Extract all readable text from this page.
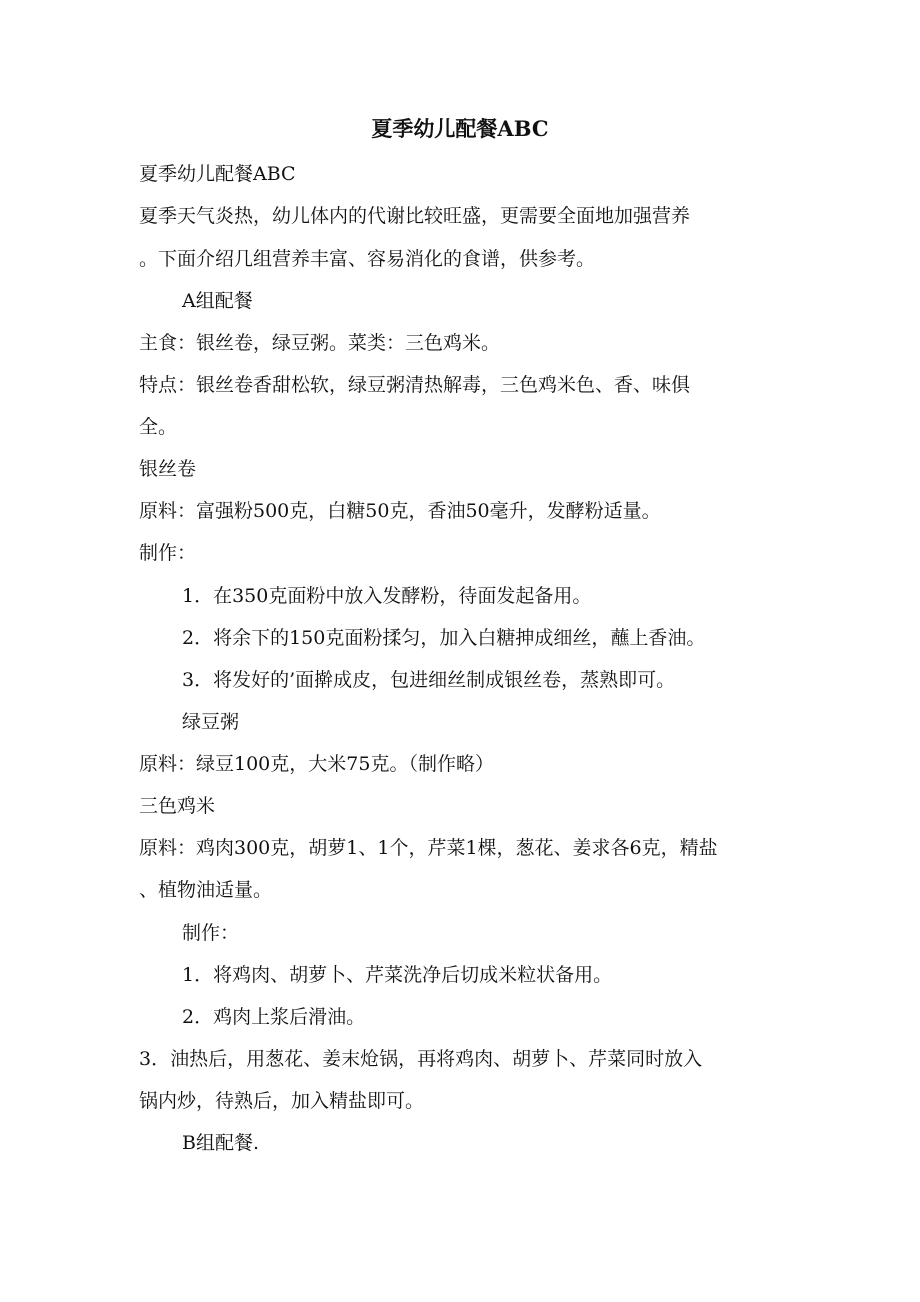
夏季幼儿配餐ABC
夏季幼儿配餐ABC
夏季天气炎热，幼儿体内的代谢比较旺盛，更需要全面地加强营养
。下面介绍几组营养丰富、容易消化的食谱，供参考。
A组配餐
主食：银丝卷，绿豆粥。菜类：三色鸡米。
特点：银丝卷香甜松软，绿豆粥清热解毒，三色鸡米色、香、味俱
全。
银丝卷
原料：富强粉500克，白糖50克，香油50毫升，发酵粉适量。
制作：
1．在350克面粉中放入发酵粉，待面发起备用。
2．将余下的150克面粉揉匀，加入白糖抻成细丝，蘸上香油。
3．将发好的’面擀成皮，包进细丝制成银丝卷，蒸熟即可。
绿豆粥
原料：绿豆100克，大米75克。（制作略）
三色鸡米
原料：鸡肉300克，胡萝1、1个，芹菜1棵，葱花、姜求各6克，精盐
、植物油适量。
制作：
1．将鸡肉、胡萝卜、芹菜洗净后切成米粒状备用。
2．鸡肉上浆后滑油。
3．油热后，用葱花、姜末炝锅，再将鸡肉、胡萝卜、芹菜同时放入
锅内炒，待熟后，加入精盐即可。
B组配餐.
